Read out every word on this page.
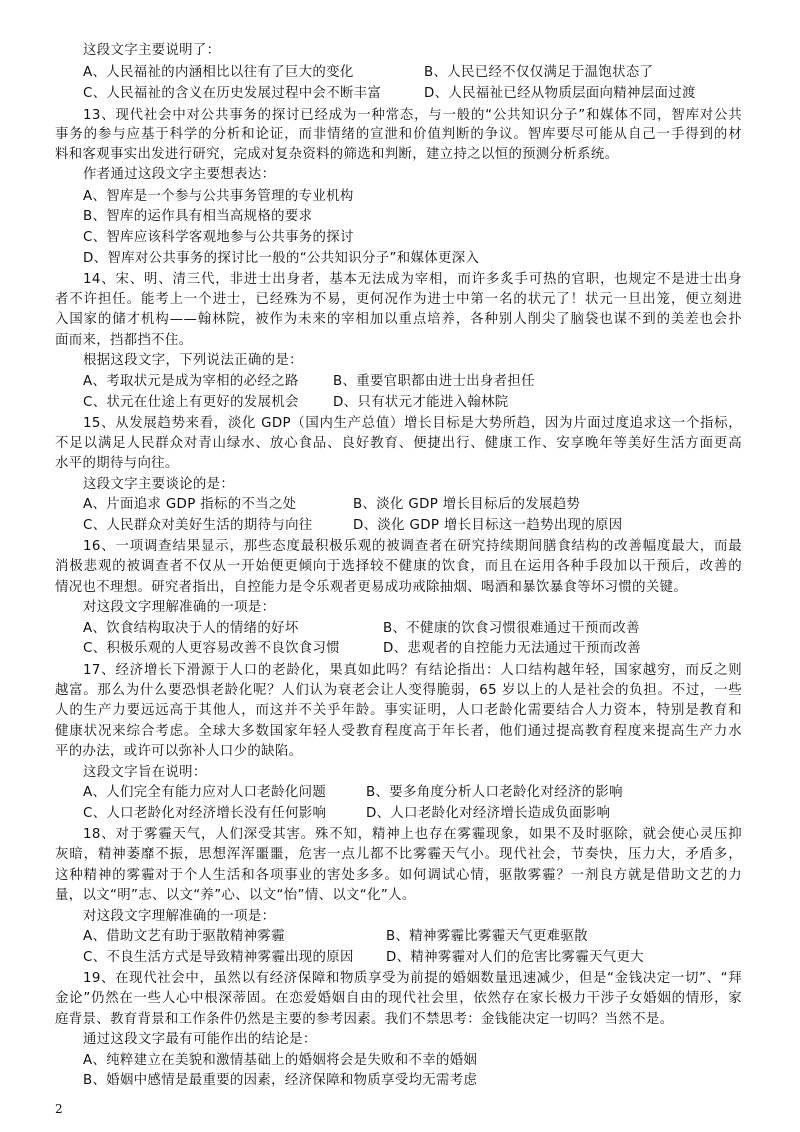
这段文字主要说明了：
A、人民福祉的内涵相比以往有了巨大的变化	B、人民已经不仅仅满足于温饱状态了
C、人民福祉的含义在历史发展过程中会不断丰富	D、人民福祉已经从物质层面向精神层面过渡
13、现代社会中对公共事务的探讨已经成为一种常态，与一般的“公共知识分子”和媒体不同，智库对公共
事务的参与应基于科学的分析和论证，而非情绪的宣泄和价值判断的争议。智库要尽可能从自己一手得到的材
料和客观事实出发进行研究，完成对复杂资料的筛选和判断，建立持之以恒的预测分析系统。
作者通过这段文字主要想表达：
A、智库是一个参与公共事务管理的专业机构
B、智库的运作具有相当高规格的要求
C、智库应该科学客观地参与公共事务的探讨
D、智库对公共事务的探讨比一般的“公共知识分子”和媒体更深入
14、宋、明、清三代，非进士出身者，基本无法成为宰相，而许多炙手可热的官职，也规定不是进士出身
者不许担任。能考上一个进士，已经殊为不易，更何况作为进士中第一名的状元了！状元一旦出笼，便立刻进
入国家的储才机构——翰林院，被作为未来的宰相加以重点培养，各种别人削尖了脑袋也谋不到的美差也会扑
面而来，挡都挡不住。
根据这段文字，下列说法正确的是：
A、考取状元是成为宰相的必经之路	B、重要官职都由进士出身者担任
C、状元在仕途上有更好的发展机会	D、只有状元才能进入翰林院
15、从发展趋势来看，淡化 GDP（国内生产总值）增长目标是大势所趋，因为片面过度追求这一个指标，
不足以满足人民群众对青山绿水、放心食品、良好教育、便捷出行、健康工作、安享晚年等美好生活方面更高
水平的期待与向往。
这段文字主要谈论的是：
A、片面追求 GDP 指标的不当之处	B、淡化 GDP 增长目标后的发展趋势
C、人民群众对美好生活的期待与向往	D、淡化 GDP 增长目标这一趋势出现的原因
16、一项调查结果显示，那些态度最积极乐观的被调查者在研究持续期间膳食结构的改善幅度最大，而最
消极悲观的被调查者不仅从一开始便更倾向于选择较不健康的饮食，而且在运用各种手段加以干预后，改善的
情况也不理想。研究者指出，自控能力是令乐观者更易成功戒除抽烟、喝酒和暴饮暴食等坏习惯的关键。
对这段文字理解准确的一项是：
A、饮食结构取决于人的情绪的好坏	B、不健康的饮食习惯很难通过干预而改善
C、积极乐观的人更容易改善不良饮食习惯	D、悲观者的自控能力无法通过干预而改善
17、经济增长下滑源于人口的老龄化，果真如此吗？有结论指出：人口结构越年轻，国家越穷，而反之则
越富。那么为什么要恐惧老龄化呢？人们认为衰老会让人变得脆弱，65 岁以上的人是社会的负担。不过，一些
人的生产力要远远高于其他人，而这并不关乎年龄。事实证明，人口老龄化需要结合人力资本，特别是教育和
健康状况来综合考虑。全球大多数国家年轻人受教育程度高于年长者，他们通过提高教育程度来提高生产力水
平的办法，或许可以弥补人口少的缺陷。
这段文字旨在说明：
A、人们完全有能力应对人口老龄化问题	B、要多角度分析人口老龄化对经济的影响
C、人口老龄化对经济增长没有任何影响	D、人口老龄化对经济增长造成负面影响
18、对于雾霾天气，人们深受其害。殊不知，精神上也存在雾霾现象，如果不及时驱除，就会使心灵压抑
灰暗，精神萎靡不振，思想浑浑噩噩，危害一点儿都不比雾霾天气小。现代社会，节奏快，压力大，矛盾多，
这种精神的雾霾对于个人生活和各项事业的害处多多。如何调试心情，驱散雾霾？一剂良方就是借助文艺的力
量，以文“明”志、以文“养”心、以文“怡”情、以文“化”人。
对这段文字理解准确的一项是：
A、借助文艺有助于驱散精神雾霾	B、精神雾霾比雾霾天气更难驱散
C、不良生活方式是导致精神雾霾出现的原因 D、精神雾霾对人们的危害比雾霾天气更大
19、在现代社会中，虽然以有经济保障和物质享受为前提的婚姻数量迅速减少，但是“金钱决定一切”、“拜
金论”仍然在一些人心中根深蒂固。在恋爱婚姻自由的现代社会里，依然存在家长极力干涉子女婚姻的情形，家
庭背景、教育背景和工作条件仍然是主要的参考因素。我们不禁思考：金钱能决定一切吗？当然不是。
通过这段文字最有可能作出的结论是：
2
A、纯粹建立在美貌和激情基础上的婚姻将会是失败和不幸的婚姻
B、婚姻中感情是最重要的因素，经济保障和物质享受均无需考虑
